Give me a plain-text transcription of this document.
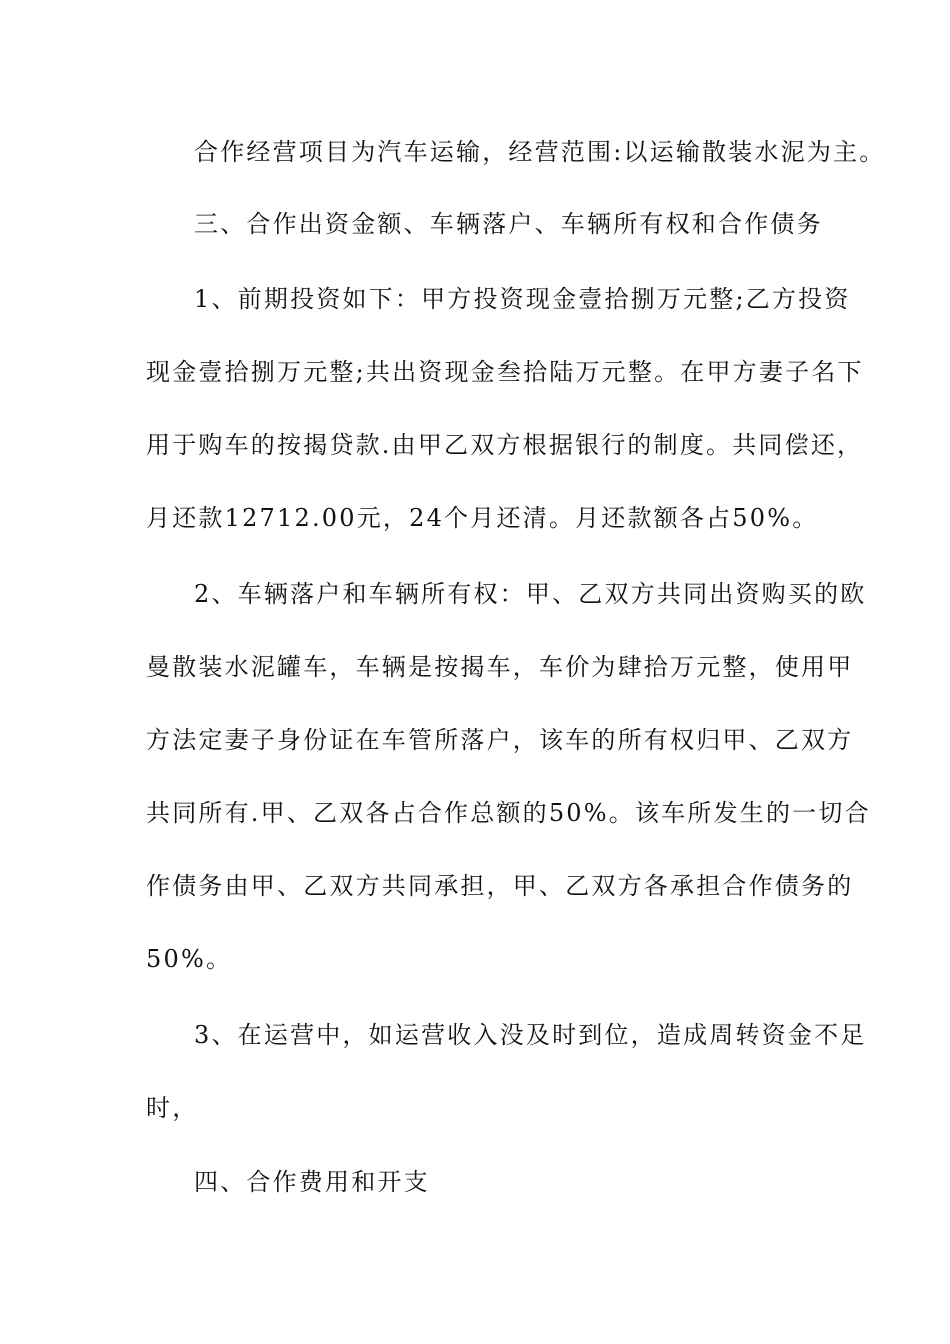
合作经营项目为汽车运输，经营范围:以运输散装水泥为主。
三、合作出资金额、车辆落户、车辆所有权和合作债务
1、前期投资如下：甲方投资现金壹拾捌万元整;乙方投资
现金壹拾捌万元整;共出资现金叁拾陆万元整。在甲方妻子名下
用于购车的按揭贷款.由甲乙双方根据银行的制度。共同偿还，
月还款12712.00元，24个月还清。月还款额各占50%。
2、车辆落户和车辆所有权：甲、乙双方共同出资购买的欧
曼散装水泥罐车，车辆是按揭车，车价为肆拾万元整，使用甲
方法定妻子身份证在车管所落户，该车的所有权归甲、乙双方
共同所有.甲、乙双各占合作总额的50%。该车所发生的一切合
作债务由甲、乙双方共同承担，甲、乙双方各承担合作债务的
50%。
3、在运营中，如运营收入没及时到位，造成周转资金不足
时，
四、合作费用和开支
